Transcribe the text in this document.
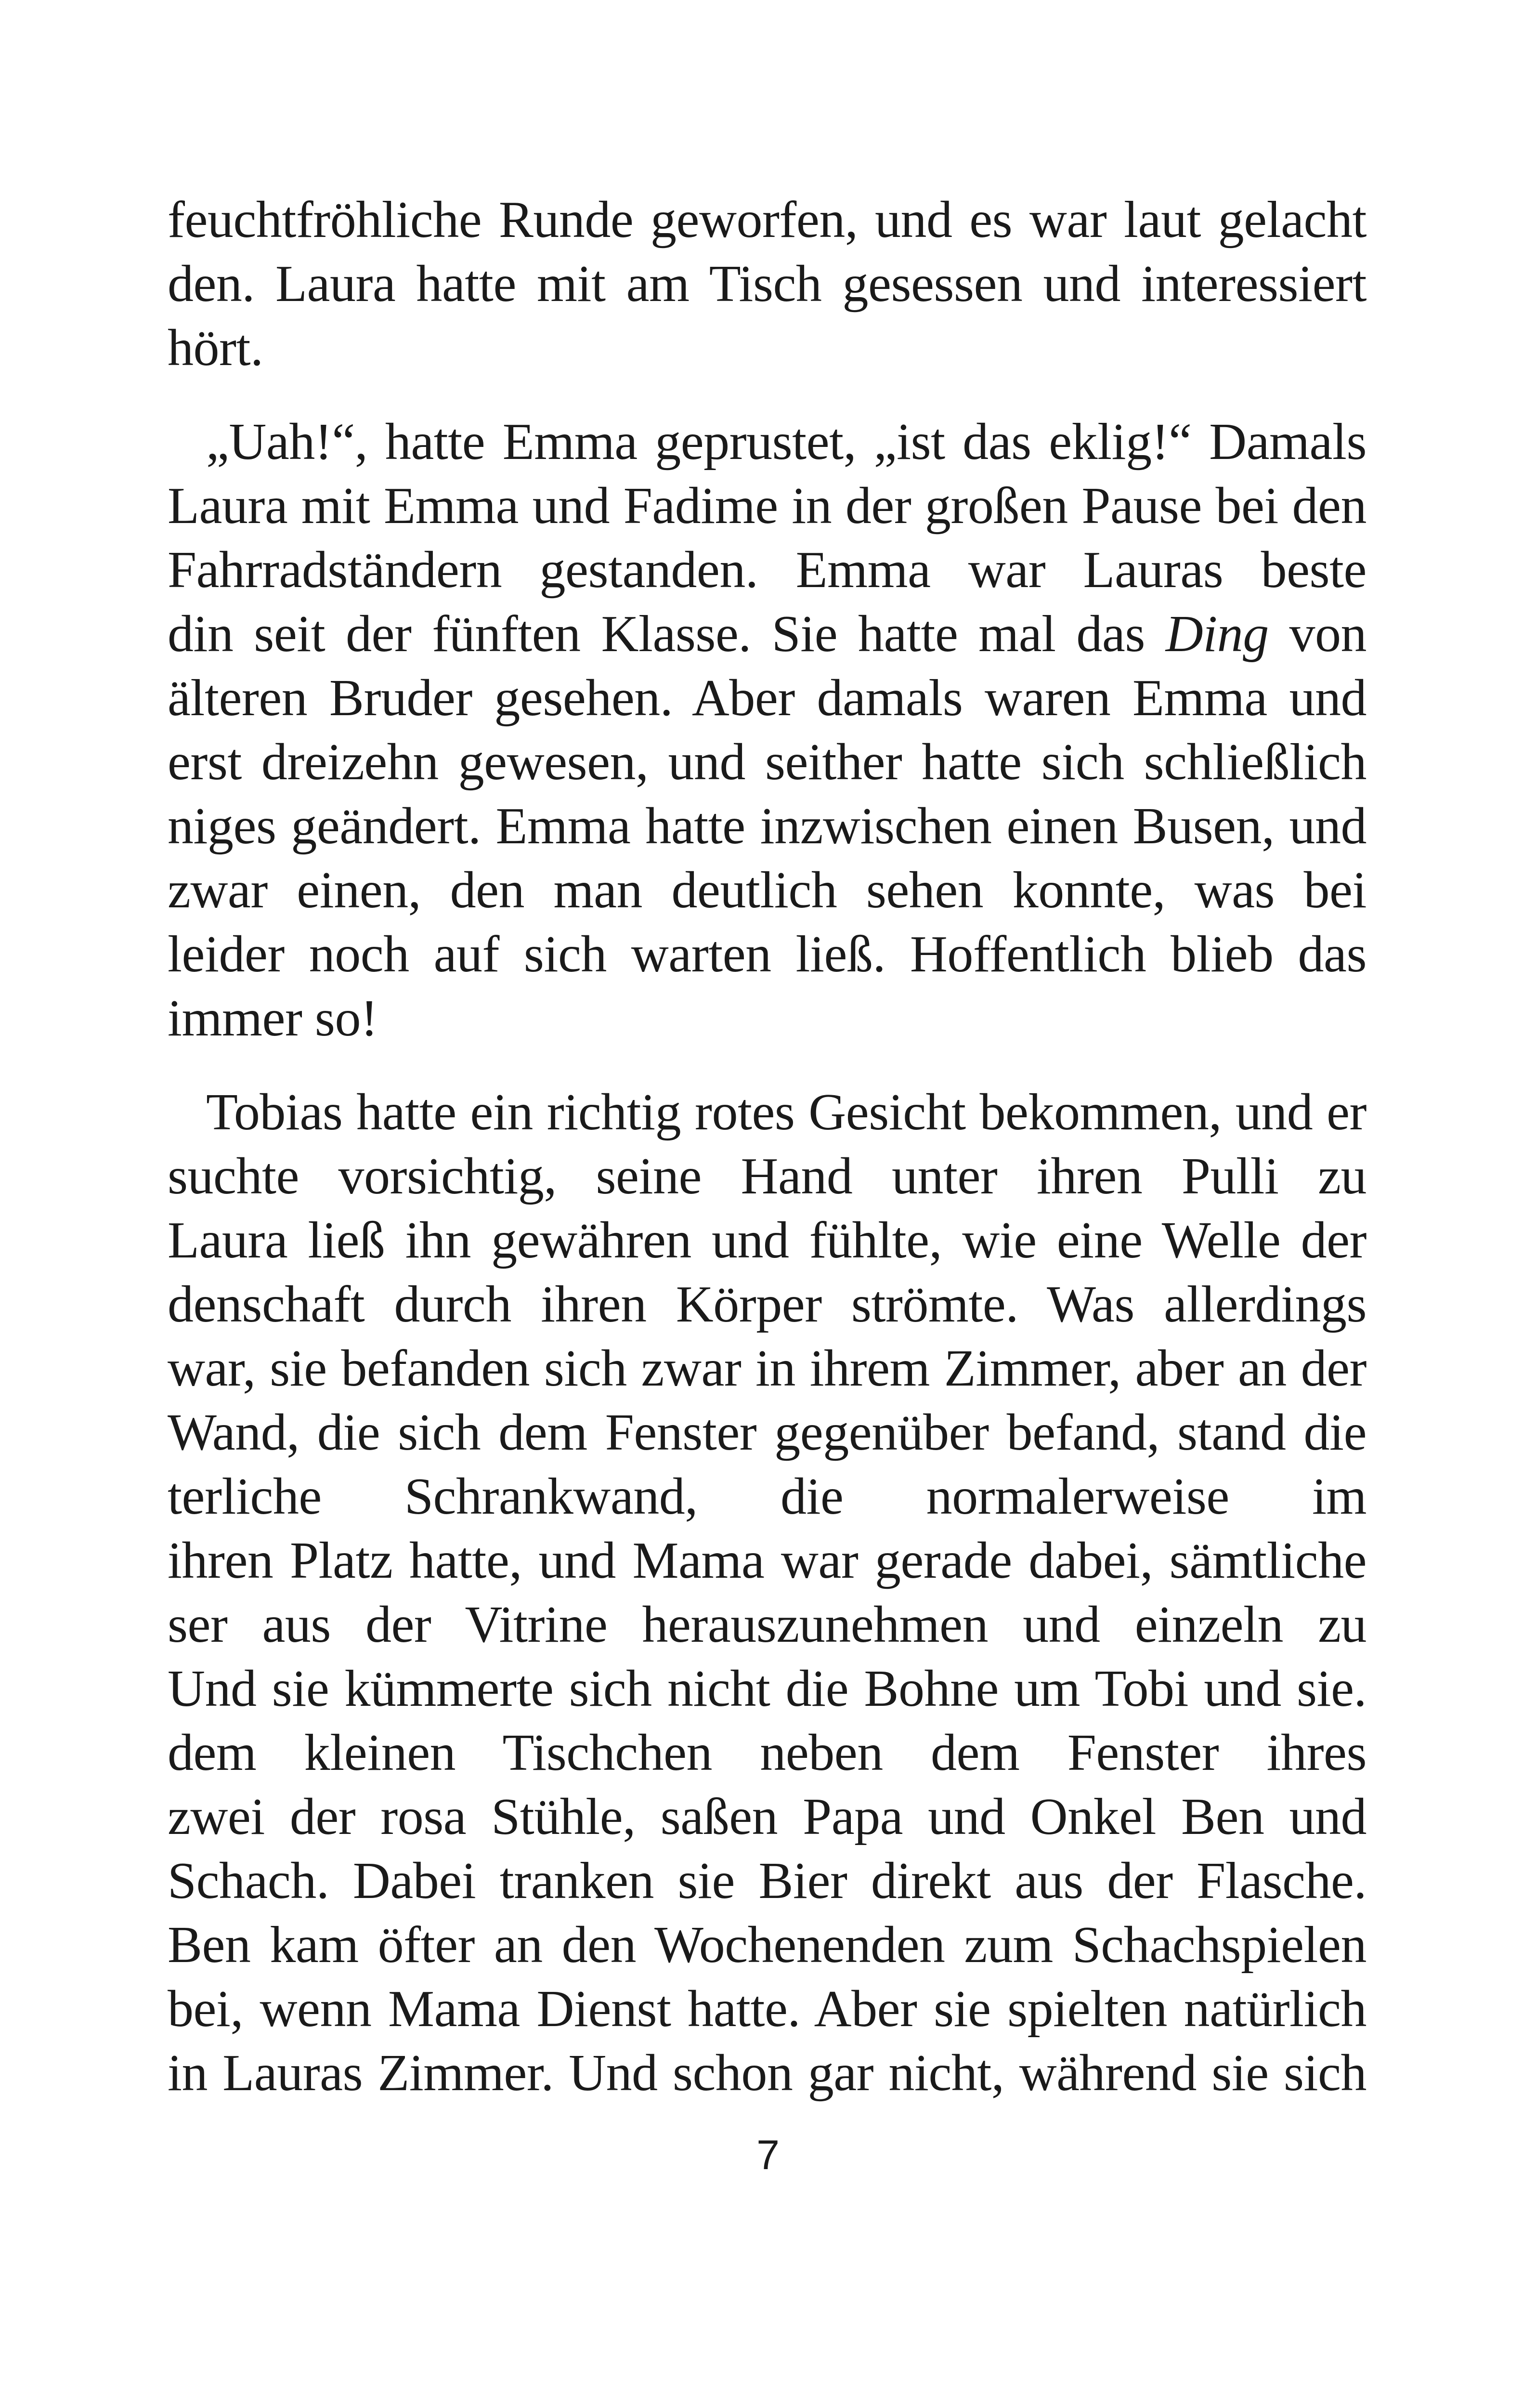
feuchtfröhliche Runde geworfen, und es war laut gelacht
den. Laura hatte mit am Tisch gesessen und interessiert
hört.
„Uah!“, hatte Emma geprustet, „ist das eklig!“ Damals
Laura mit Emma und Fadime in der großen Pause bei den
Fahrradständern gestanden. Emma war Lauras beste
din seit der fünften Klasse. Sie hatte mal das Ding von
älteren Bruder gesehen. Aber damals waren Emma und
erst dreizehn gewesen, und seither hatte sich schließlich
niges geändert. Emma hatte inzwischen einen Busen, und
zwar einen, den man deutlich sehen konnte, was bei
leider noch auf sich warten ließ. Hoffentlich blieb das
immer so!
Tobias hatte ein richtig rotes Gesicht bekommen, und er
suchte vorsichtig, seine Hand unter ihren Pulli zu
Laura ließ ihn gewähren und fühlte, wie eine Welle der
denschaft durch ihren Körper strömte. Was allerdings
war, sie befanden sich zwar in ihrem Zimmer, aber an der
Wand, die sich dem Fenster gegenüber befand, stand die
terliche Schrankwand, die normalerweise im
ihren Platz hatte, und Mama war gerade dabei, sämtliche
ser aus der Vitrine herauszunehmen und einzeln zu
Und sie kümmerte sich nicht die Bohne um Tobi und sie.
dem kleinen Tischchen neben dem Fenster ihres
zwei der rosa Stühle, saßen Papa und Onkel Ben und
Schach. Dabei tranken sie Bier direkt aus der Flasche.
Ben kam öfter an den Wochenenden zum Schachspielen
bei, wenn Mama Dienst hatte. Aber sie spielten natürlich
in Lauras Zimmer. Und schon gar nicht, während sie sich
7
